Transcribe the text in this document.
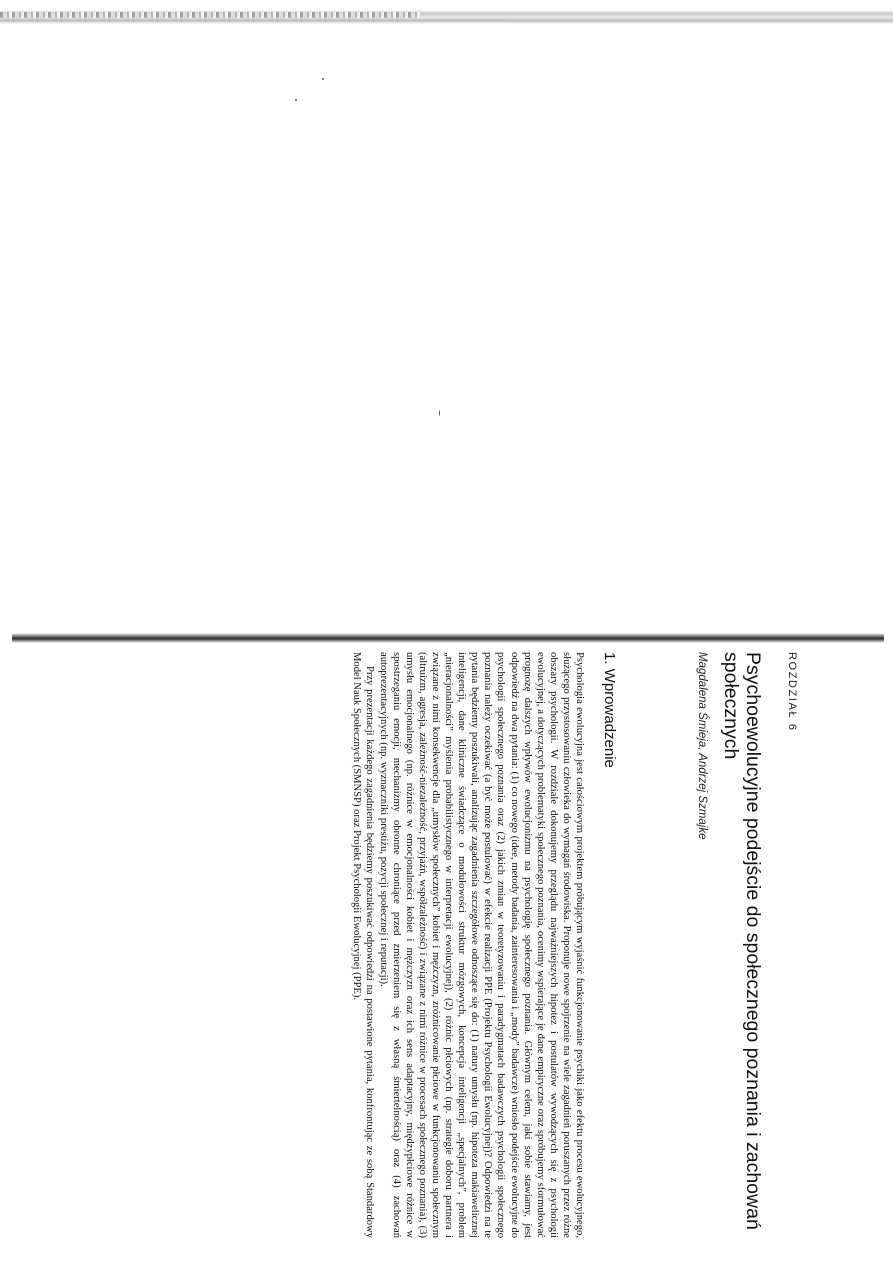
ROZDZIAŁ 6
Psychoewolucyjne podejście do społecznego poznania i zachowań społecznych
Magdalena Śmieja, Andrzej Szmajke
1. Wprowadzenie

Psychologia ewolucyjna jest całościowym projektem próbującym wyjaśnić funkcjonowanie psychiki jako efektu procesu ewolucyjnego, służącego przystosowaniu człowieka do wymagań środowiska. Proponuje nowe spojrzenie na wiele zagadnień poruszanych przez różne obszary psychologii. W rozdziale dokonujemy przeglądu najważniejszych hipotez i postulatów wywodzących się z psychologii ewolucyjnej, a dotyczących problematyki społecznego poznania, ocenimy wspierające je dane empiryczne oraz spróbujemy sformułować prognozę dalszych wpływów ewolucjonizmu na psychologię społecznego poznania. Głównym celem, jaki sobie stawiamy, jest odpowiedź na dwa pytania: (1) co nowego (idee, metody badania, zainteresowania i „mody” badawcze) wniosło podejście ewolucyjne do psychologii społecznego poznania oraz (2) jakich zmian w teoretyzowaniu i paradygmatach badawczych psychologii społecznego poznania należy oczekiwać (a być może postulować) w efekcie realizacji PPE (Projektu Psychologii Ewolucyjnej)? Odpowiedzi na te pytania będziemy poszukiwali, analizując zagadnienia szczegółowe odnoszące się do: (1) natury umysłu (np. hipoteza makiawelicznej inteligencji, dane kliniczne świadczące o modułowości struktur mózgowych, koncepcja inteligencji „specjalnych”, problem „nieracjonalności” myślenia probabilistycznego w interpretacji ewolucyjnej), (2) różnic płciowych (np. strategie doboru partnera i związane z nimi konsekwencje dla „umysłów społecznych” kobiet i mężczyzn, zróżnicowanie płciowe w funkcjonowaniu społecznym (altruizm, agresja, zależność-niezależność, przyjaźń, współzależność) i związane z nimi różnice w procesach społecznego poznania), (3) umysłu emocjonalnego (np. różnice w emocjonalności kobiet i mężczyzn oraz ich sens adaptacyjny, międzypłciowe różnice w spostrzeganiu emocji, mechanizmy obronne chroniące przed zmierzeniem się z własną śmiertelnością) oraz (4) zachowań autoprezentacyjnych (np. wyznaczniki prestiżu, pozycji społecznej i reputacji).

Przy prezentacji każdego zagadnienia będziemy poszukiwać odpowiedzi na postawione pytania, konfrontując ze sobą Standardowy Model Nauk Społecznych (SMNSP) oraz Projekt Psychologii Ewolucyjnej (PPE).
